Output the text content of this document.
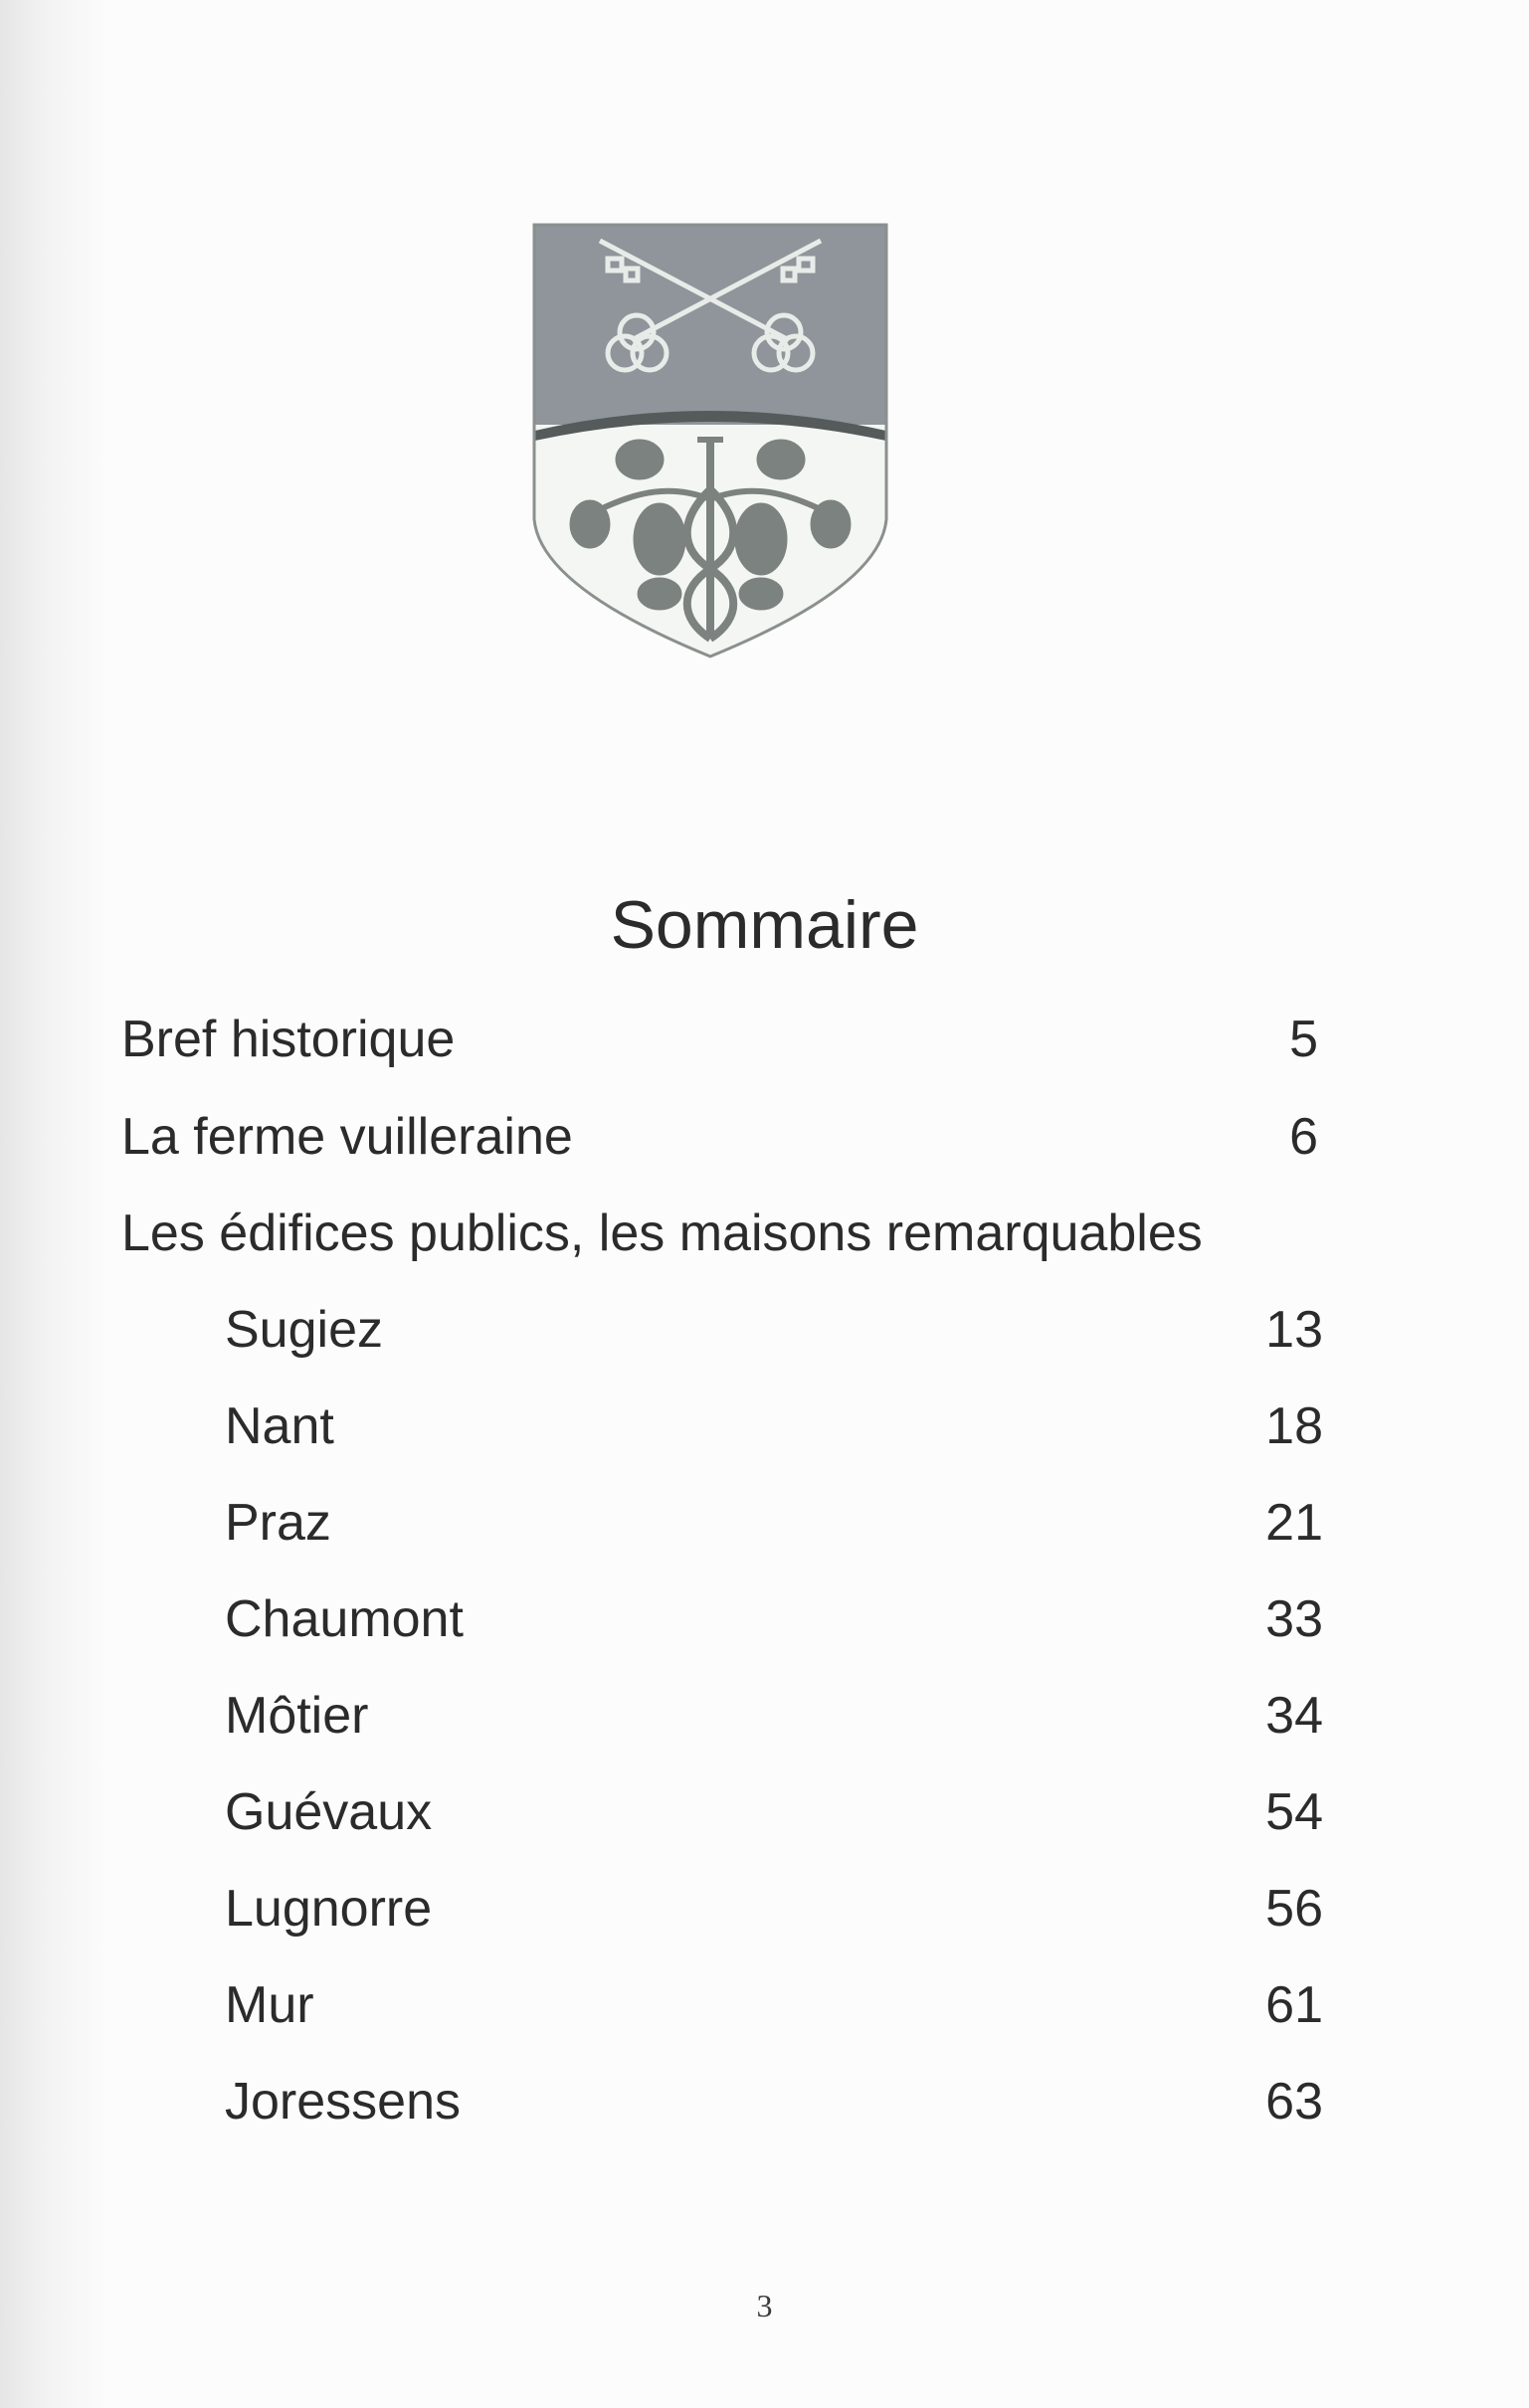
Sommaire
Bref historique	5
La ferme vuilleraine	6
Les édifices publics, les maisons remarquables
Sugiez	13
Nant	18
Praz	21
Chaumont	33
Môtier	34
Guévaux	54
Lugnorre	56
Mur	61
Joressens	63
3
